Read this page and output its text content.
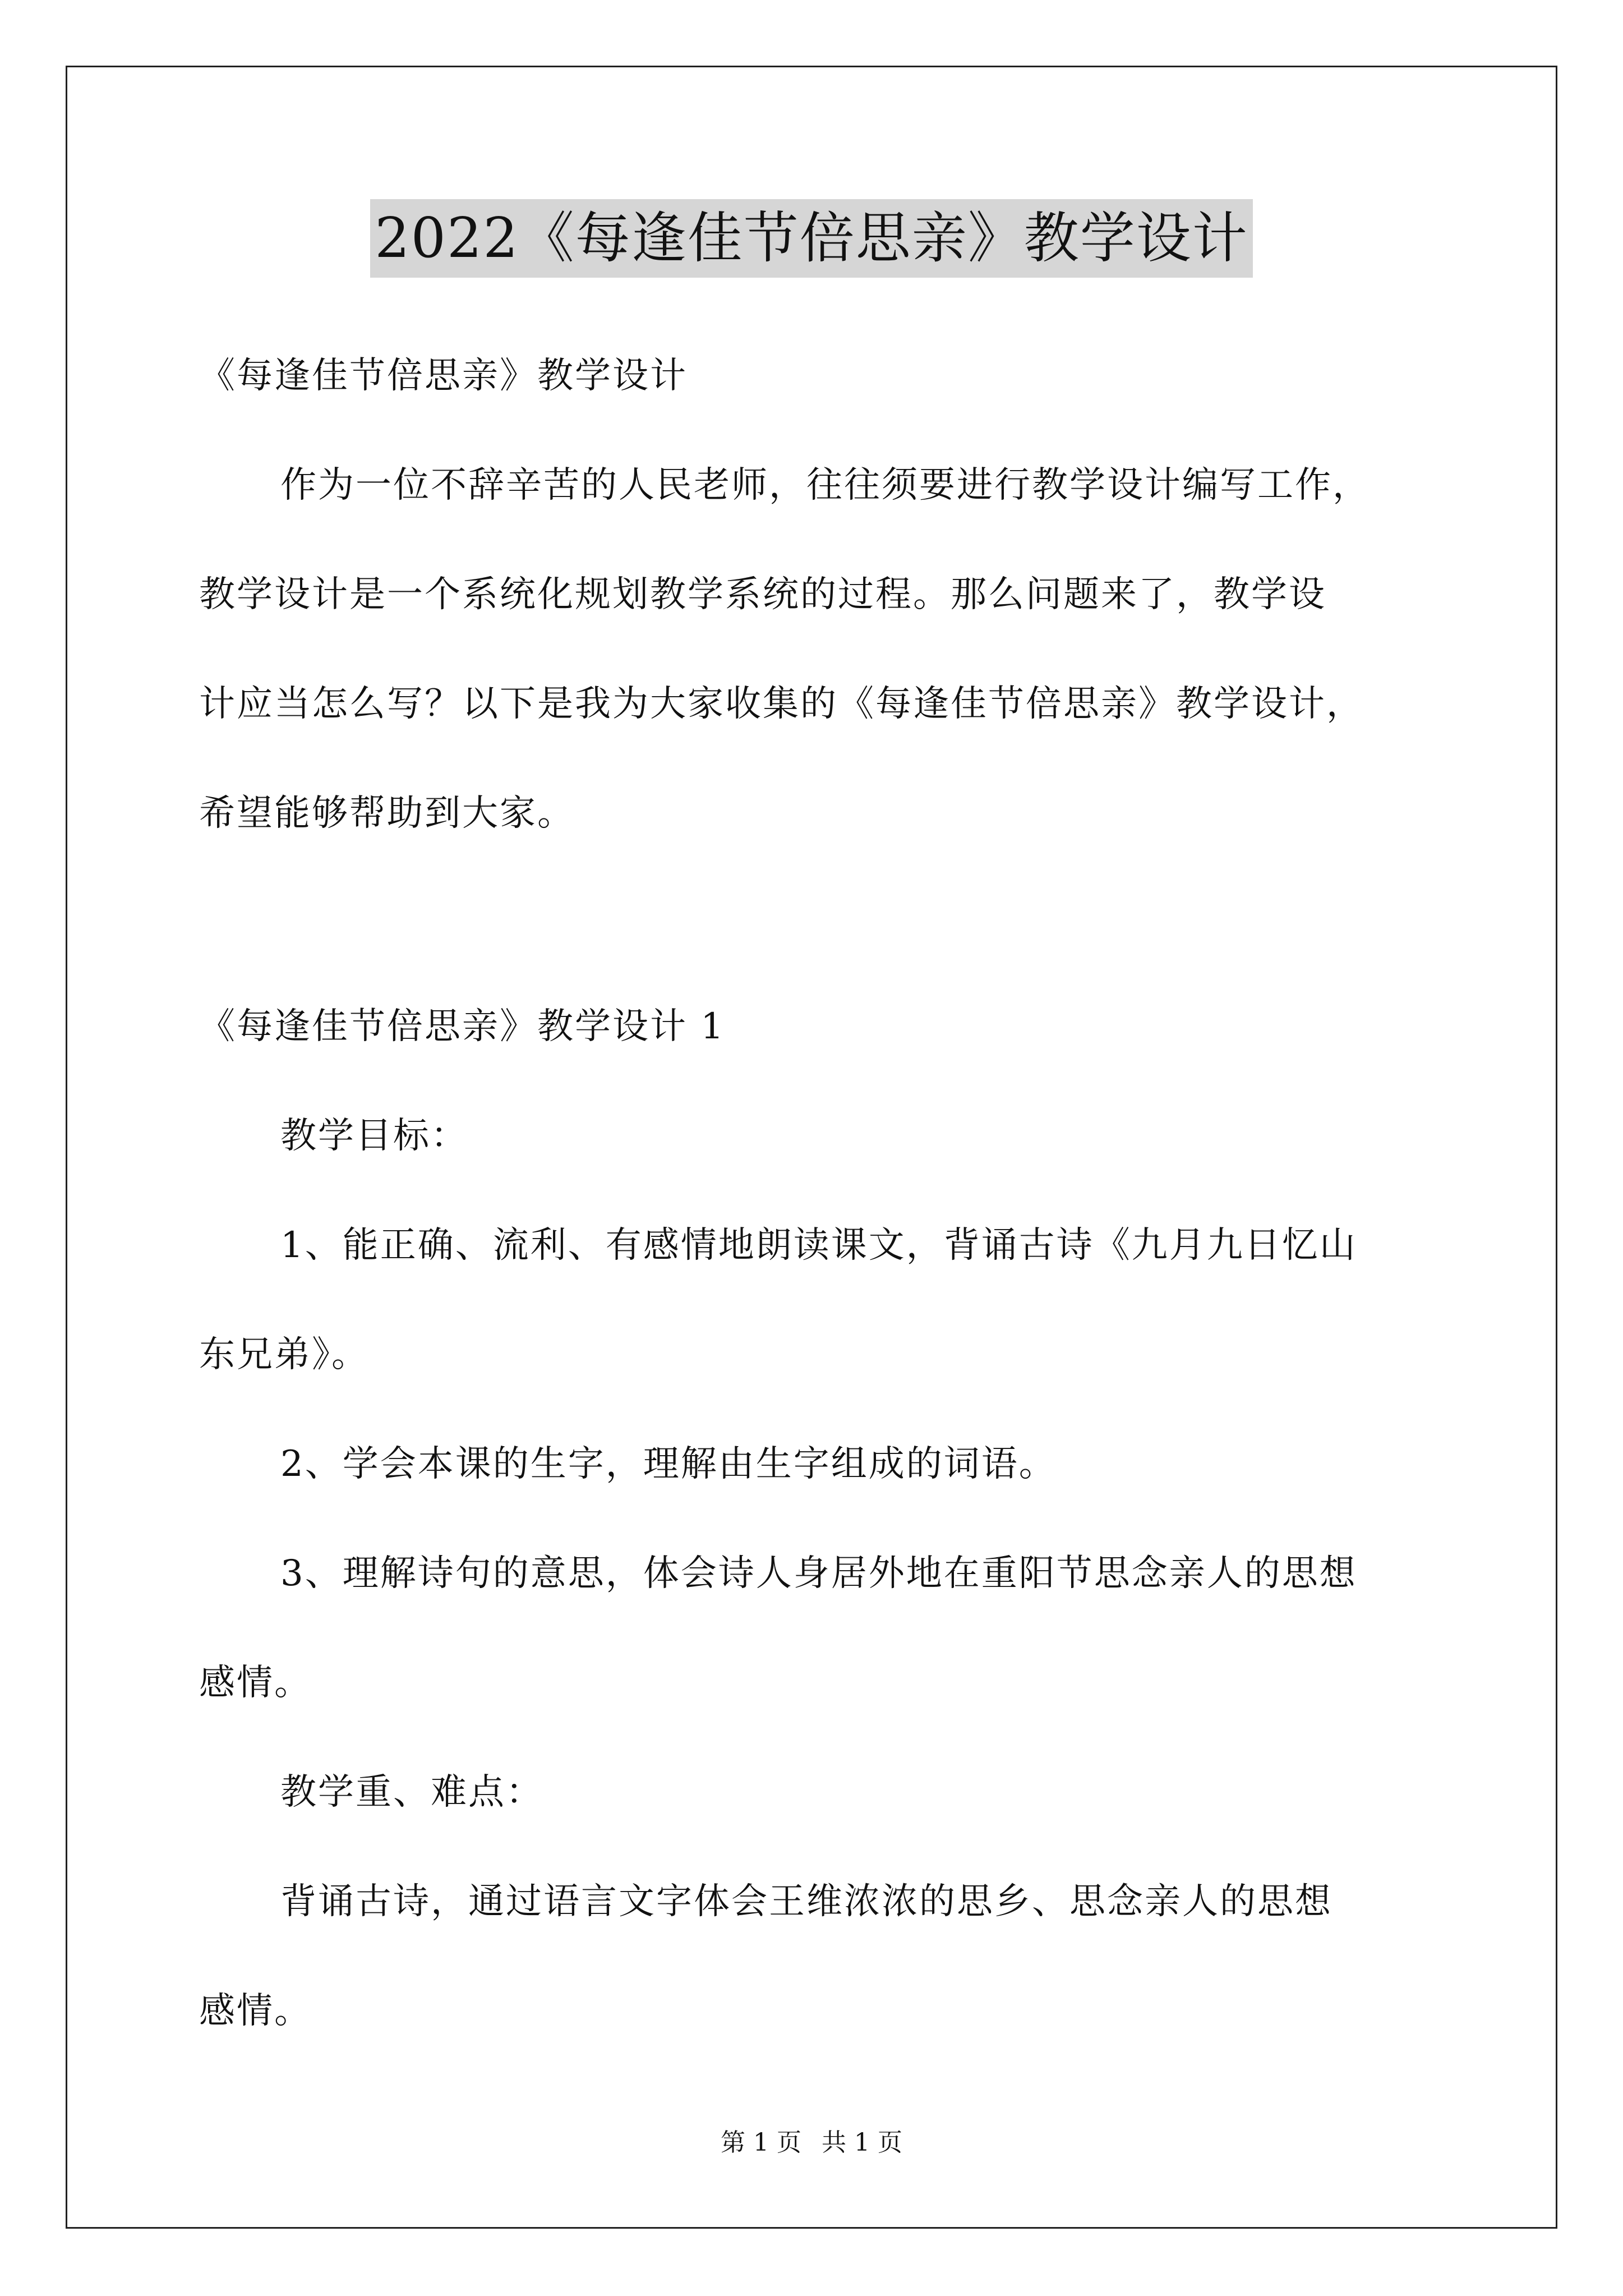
2022《每逢佳节倍思亲》教学设计
《每逢佳节倍思亲》教学设计
作为一位不辞辛苦的人民老师，往往须要进行教学设计编写工作，
教学设计是一个系统化规划教学系统的过程。那么问题来了，教学设
计应当怎么写？以下是我为大家收集的《每逢佳节倍思亲》教学设计，
希望能够帮助到大家。
《每逢佳节倍思亲》教学设计 1
教学目标：
1、能正确、流利、有感情地朗读课文，背诵古诗《九月九日忆山
东兄弟》。
2、学会本课的生字，理解由生字组成的词语。
3、理解诗句的意思，体会诗人身居外地在重阳节思念亲人的思想
感情。
教学重、难点：
背诵古诗，通过语言文字体会王维浓浓的思乡、思念亲人的思想
感情。
第 1 页 共 1 页
